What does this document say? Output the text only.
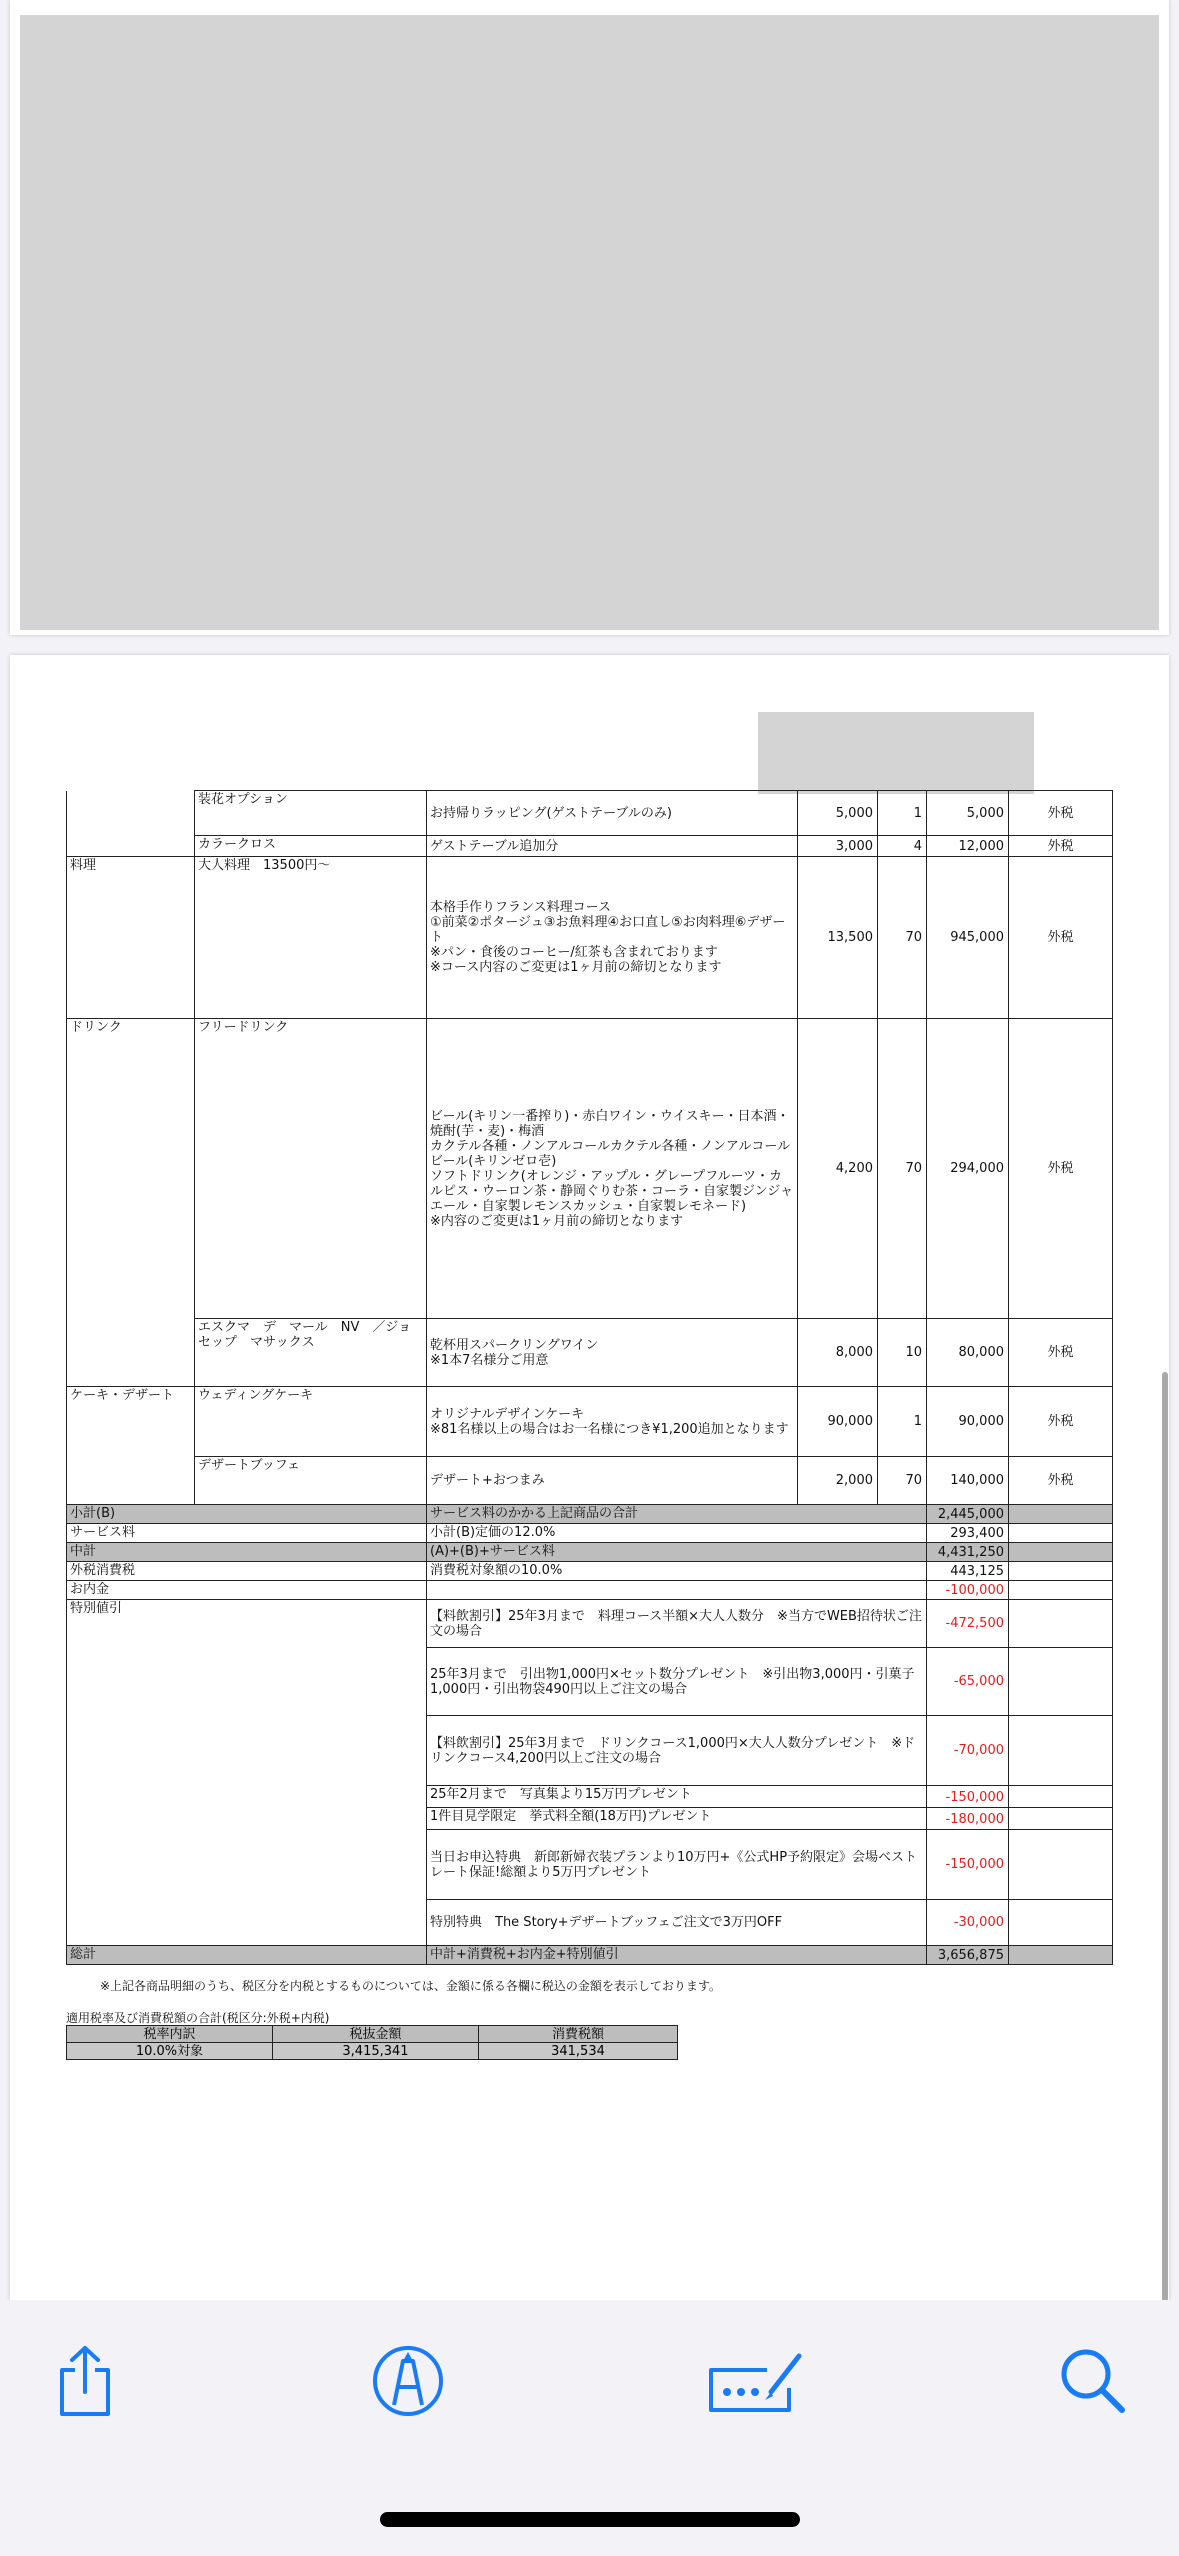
	装花オプション	お持帰りラッピング(ゲストテーブルのみ)	5,000	1	5,000	外税
	カラークロス	ゲストテーブル追加分	3,000	4	12,000	外税
料理	大人料理　13500円～	本格手作りフランス料理コース
①前菜②ポタージュ③お魚料理④お口直し⑤お肉料理⑥デザート
※パン・食後のコーヒー/紅茶も含まれております
※コース内容のご変更は1ヶ月前の締切となります	13,500	70	945,000	外税
ドリンク	フリードリンク	ビール(キリン一番搾り)・赤白ワイン・ウイスキー・日本酒・焼酎(芋・麦)・梅酒
カクテル各種・ノンアルコールカクテル各種・ノンアルコールビール(キリンゼロ壱)
ソフトドリンク(オレンジ・アップル・グレープフルーツ・カルピス・ウーロン茶・静岡ぐりむ茶・コーラ・自家製ジンジャエール・自家製レモンスカッシュ・自家製レモネード)
※内容のご変更は1ヶ月前の締切となります	4,200	70	294,000	外税
	エスクマ　デ　マール　NV　／ジョセップ　マサックス	乾杯用スパークリングワイン
※1本7名様分ご用意	8,000	10	80,000	外税
ケーキ・デザート	ウェディングケーキ	オリジナルデザインケーキ
※81名様以上の場合はお一名様につき¥1,200追加となります	90,000	1	90,000	外税
	デザートブッフェ	デザート+おつまみ	2,000	70	140,000	外税
小計(B)		サービス料のかかる上記商品の合計			2,445,000	
サービス料		小計(B)定価の12.0%			293,400	
中計		(A)+(B)+サービス料			4,431,250	
外税消費税		消費税対象額の10.0%			443,125	
お内金					-100,000	
特別値引		【料飲割引】25年3月まで　料理コース半額×大人人数分　※当方でWEB招待状ご注文の場合			-472,500	
		25年3月まで　引出物1,000円×セット数分プレゼント　※引出物3,000円・引菓子1,000円・引出物袋490円以上ご注文の場合			-65,000	
		【料飲割引】25年3月まで　ドリンクコース1,000円×大人人数分プレゼント　※ドリンクコース4,200円以上ご注文の場合			-70,000	
		25年2月まで　写真集より15万円プレゼント			-150,000	
		1件目見学限定　挙式料全額(18万円)プレゼント			-180,000	
		当日お申込特典　新郎新婦衣装プランより10万円+《公式HP予約限定》会場ベストレート保証!総額より5万円プレゼント			-150,000	
		特別特典　The Story+デザートブッフェご注文で3万円OFF			-30,000	
総計		中計+消費税+お内金+特別値引			3,656,875	
※上記各商品明細のうち、税区分を内税とするものについては、金額に係る各欄に税込の金額を表示しております。
適用税率及び消費税額の合計(税区分:外税+内税)
税率内訳	税抜金額	消費税額
10.0%対象	3,415,341	341,534
